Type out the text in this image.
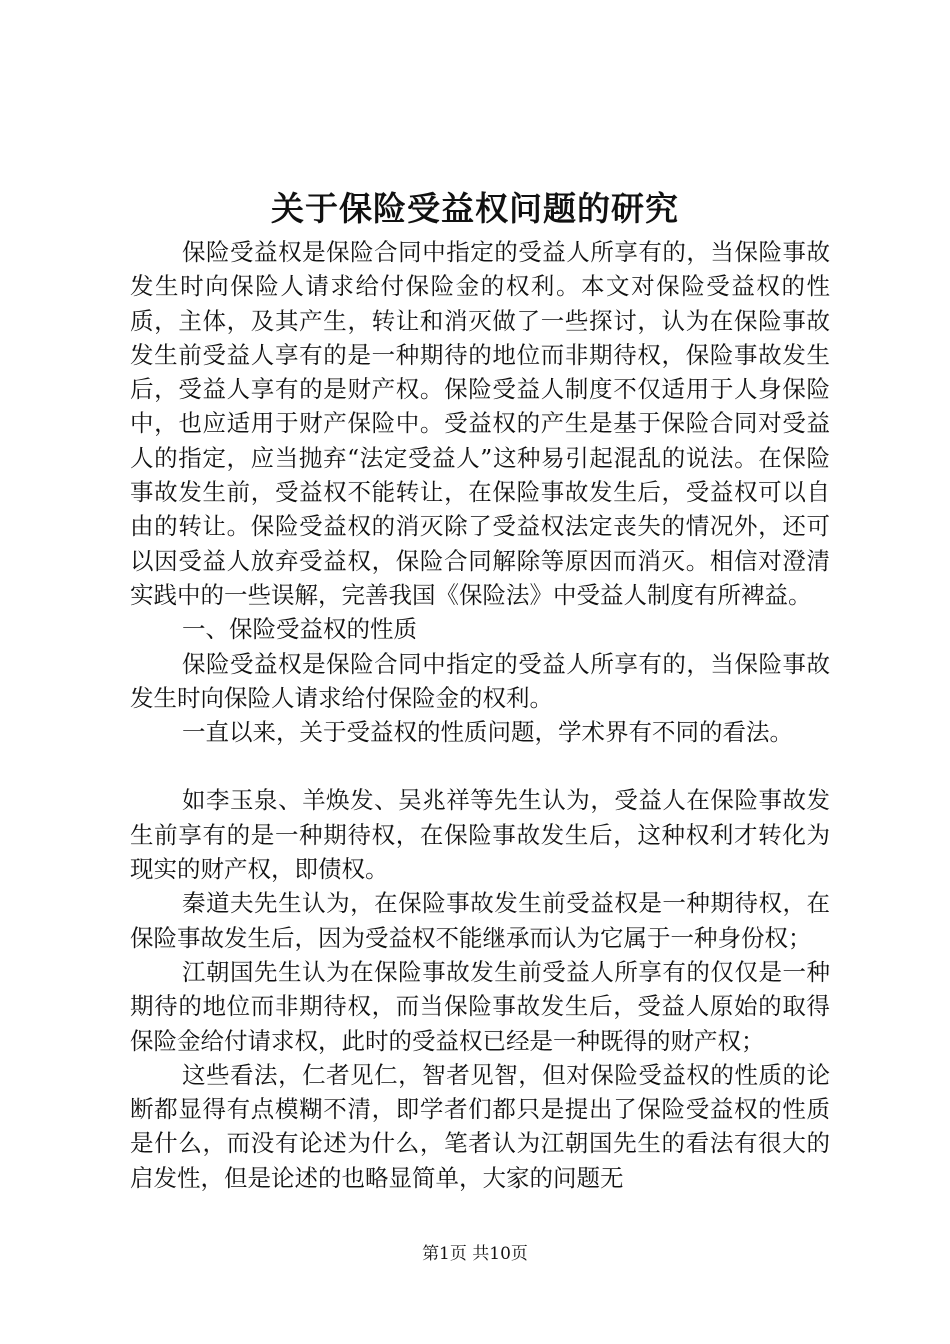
关于保险受益权问题的研究

保险受益权是保险合同中指定的受益人所享有的，当保险事故发生时向保险人请求给付保险金的权利。本文对保险受益权的性质，主体，及其产生，转让和消灭做了一些探讨，认为在保险事故发生前受益人享有的是一种期待的地位而非期待权，保险事故发生后，受益人享有的是财产权。保险受益人制度不仅适用于人身保险中，也应适用于财产保险中。受益权的产生是基于保险合同对受益人的指定，应当抛弃“法定受益人”这种易引起混乱的说法。在保险事故发生前，受益权不能转让，在保险事故发生后，受益权可以自由的转让。保险受益权的消灭除了受益权法定丧失的情况外，还可以因受益人放弃受益权，保险合同解除等原因而消灭。相信对澄清实践中的一些误解，完善我国《保险法》中受益人制度有所裨益。

一、保险受益权的性质

保险受益权是保险合同中指定的受益人所享有的，当保险事故发生时向保险人请求给付保险金的权利。

一直以来，关于受益权的性质问题，学术界有不同的看法。

如李玉泉、羊焕发、吴兆祥等先生认为，受益人在保险事故发生前享有的是一种期待权，在保险事故发生后，这种权利才转化为现实的财产权，即债权。

秦道夫先生认为，在保险事故发生前受益权是一种期待权，在保险事故发生后，因为受益权不能继承而认为它属于一种身份权；

江朝国先生认为在保险事故发生前受益人所享有的仅仅是一种期待的地位而非期待权，而当保险事故发生后，受益人原始的取得保险金给付请求权，此时的受益权已经是一种既得的财产权；

这些看法，仁者见仁，智者见智，但对保险受益权的性质的论断都显得有点模糊不清，即学者们都只是提出了保险受益权的性质是什么，而没有论述为什么，笔者认为江朝国先生的看法有很大的启发性，但是论述的也略显简单，大家的问题无

第1页 共10页
